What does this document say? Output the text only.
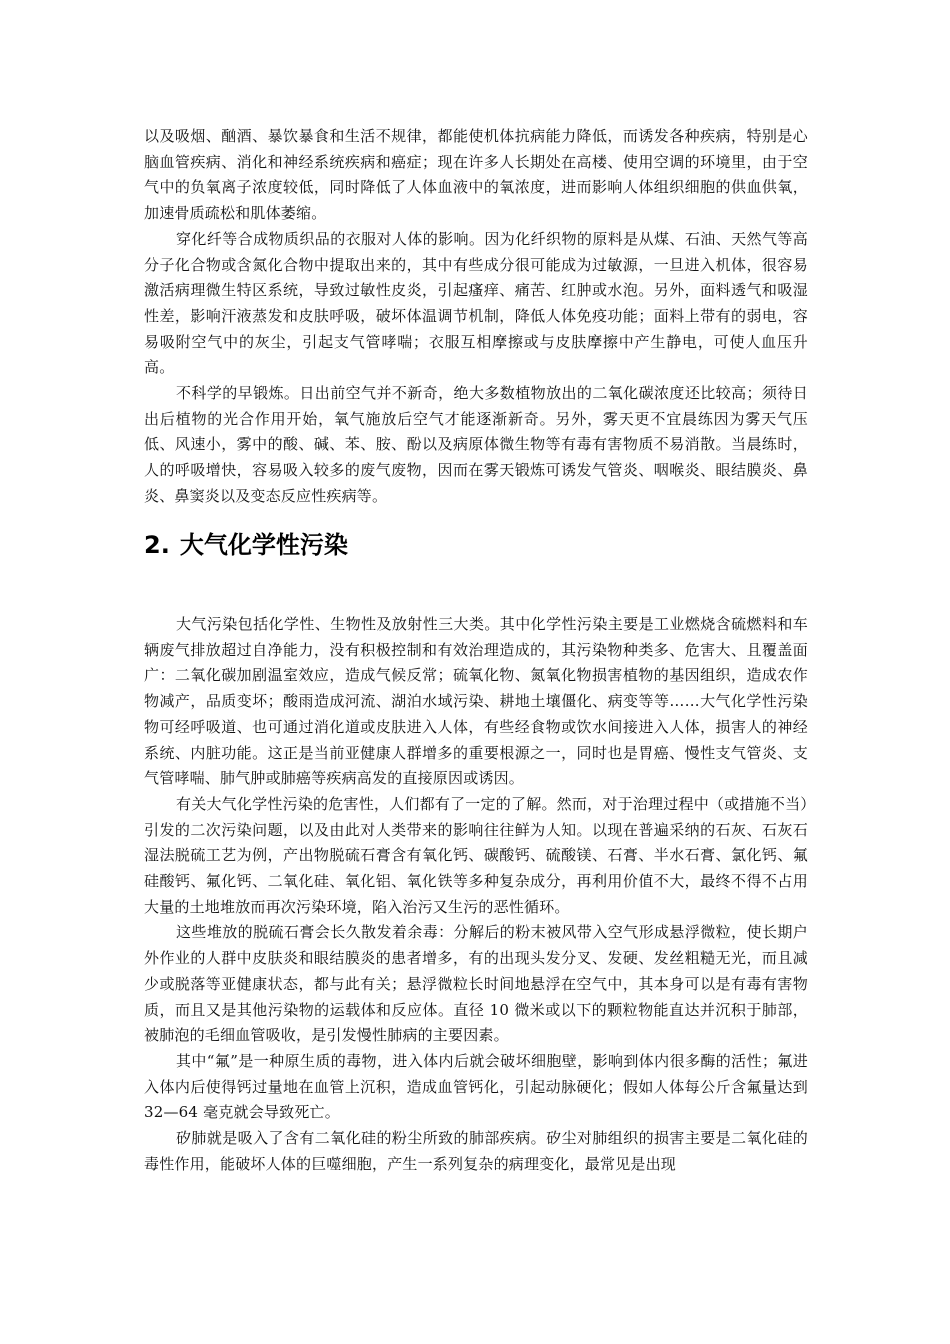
以及吸烟、酗酒、暴饮暴食和生活不规律，都能使机体抗病能力降低，而诱发各种疾病，特别是心脑血管疾病、消化和神经系统疾病和癌症；现在许多人长期处在高楼、使用空调的环境里，由于空气中的负氧离子浓度较低，同时降低了人体血液中的氧浓度，进而影响人体组织细胞的供血供氧，加速骨质疏松和肌体萎缩。

穿化纤等合成物质织品的衣服对人体的影响。因为化纤织物的原料是从煤、石油、天然气等高分子化合物或含氮化合物中提取出来的，其中有些成分很可能成为过敏源，一旦进入机体，很容易激活病理微生特区系统，导致过敏性皮炎，引起瘙痒、痛苦、红肿或水泡。另外，面料透气和吸湿性差，影响汗液蒸发和皮肤呼吸，破坏体温调节机制，降低人体免疫功能；面料上带有的弱电，容易吸附空气中的灰尘，引起支气管哮喘；衣服互相摩擦或与皮肤摩擦中产生静电，可使人血压升高。

不科学的早锻炼。日出前空气并不新奇，绝大多数植物放出的二氧化碳浓度还比较高；须待日出后植物的光合作用开始，氧气施放后空气才能逐渐新奇。另外，雾天更不宜晨练因为雾天气压低、风速小，雾中的酸、碱、苯、胺、酚以及病原体微生物等有毒有害物质不易消散。当晨练时，人的呼吸增快，容易吸入较多的废气废物，因而在雾天锻炼可诱发气管炎、咽喉炎、眼结膜炎、鼻炎、鼻窦炎以及变态反应性疾病等。

2. 大气化学性污染

大气污染包括化学性、生物性及放射性三大类。其中化学性污染主要是工业燃烧含硫燃料和车辆废气排放超过自净能力，没有积极控制和有效治理造成的，其污染物种类多、危害大、且覆盖面广：二氧化碳加剧温室效应，造成气候反常；硫氧化物、氮氧化物损害植物的基因组织，造成农作物减产，品质变坏；酸雨造成河流、湖泊水域污染、耕地土壤僵化、病变等等……大气化学性污染物可经呼吸道、也可通过消化道或皮肤进入人体，有些经食物或饮水间接进入人体，损害人的神经系统、内脏功能。这正是当前亚健康人群增多的重要根源之一，同时也是胃癌、慢性支气管炎、支气管哮喘、肺气肿或肺癌等疾病高发的直接原因或诱因。

有关大气化学性污染的危害性，人们都有了一定的了解。然而，对于治理过程中（或措施不当）引发的二次污染问题，以及由此对人类带来的影响往往鲜为人知。以现在普遍采纳的石灰、石灰石湿法脱硫工艺为例，产出物脱硫石膏含有氧化钙、碳酸钙、硫酸镁、石膏、半水石膏、氯化钙、氟硅酸钙、氟化钙、二氧化硅、氧化铝、氧化铁等多种复杂成分，再利用价值不大，最终不得不占用大量的土地堆放而再次污染环境，陷入治污又生污的恶性循环。

这些堆放的脱硫石膏会长久散发着余毒：分解后的粉末被风带入空气形成悬浮微粒，使长期户外作业的人群中皮肤炎和眼结膜炎的患者增多，有的出现头发分叉、发硬、发丝粗糙无光，而且减少或脱落等亚健康状态，都与此有关；悬浮微粒长时间地悬浮在空气中，其本身可以是有毒有害物质，而且又是其他污染物的运载体和反应体。直径 10 微米或以下的颗粒物能直达并沉积于肺部，被肺泡的毛细血管吸收，是引发慢性肺病的主要因素。

其中“氟”是一种原生质的毒物，进入体内后就会破坏细胞壁，影响到体内很多酶的活性；氟进入体内后使得钙过量地在血管上沉积，造成血管钙化，引起动脉硬化；假如人体每公斤含氟量达到 32—64 毫克就会导致死亡。

矽肺就是吸入了含有二氧化硅的粉尘所致的肺部疾病。矽尘对肺组织的损害主要是二氧化硅的毒性作用，能破坏人体的巨噬细胞，产生一系列复杂的病理变化，最常见是出现
